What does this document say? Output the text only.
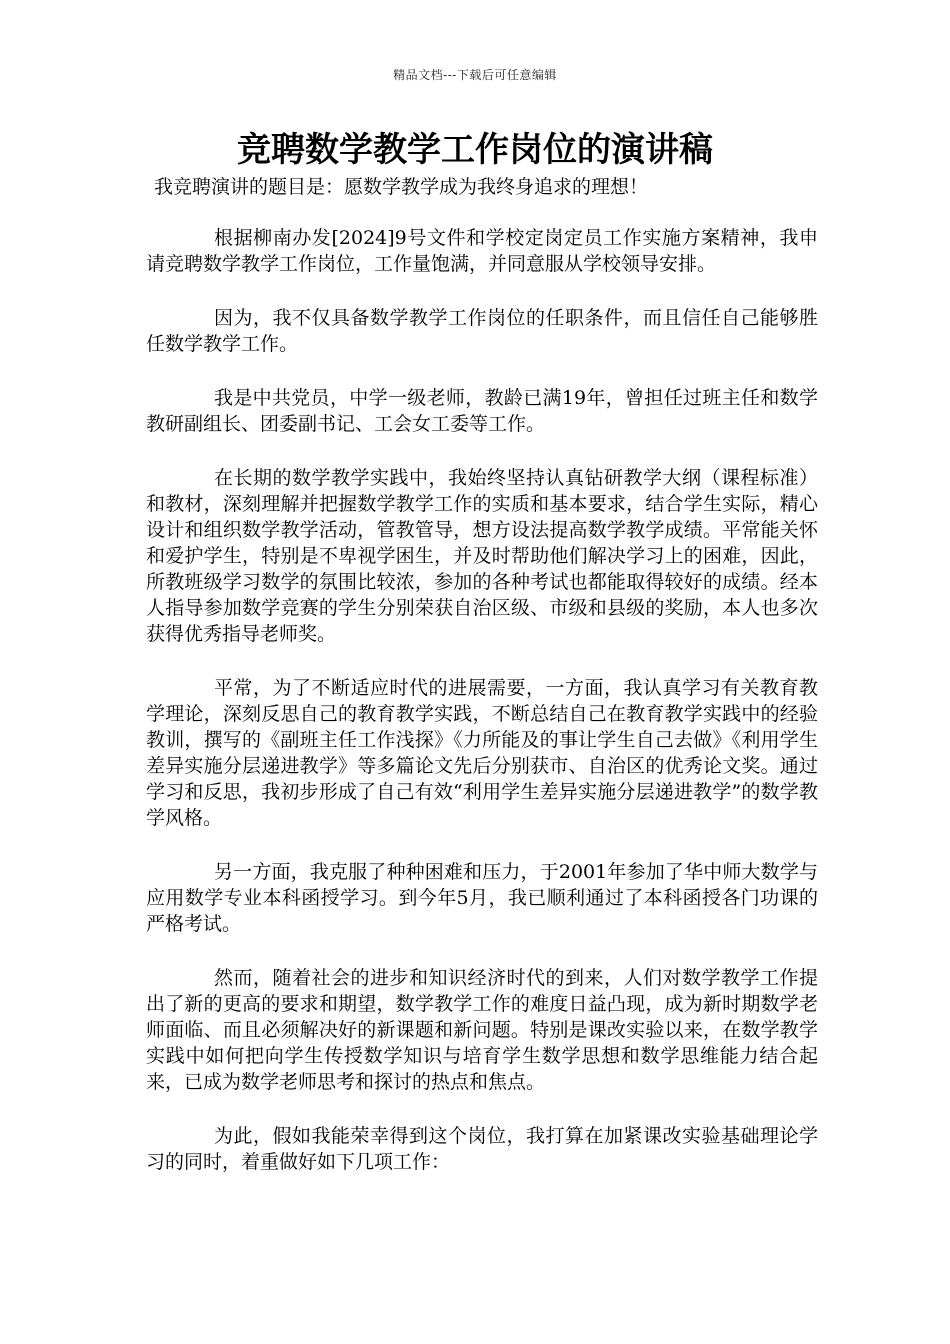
精品文档---下载后可任意编辑
竞聘数学教学工作岗位的演讲稿
我竞聘演讲的题目是：愿数学教学成为我终身追求的理想！

根据柳南办发[2024]9号文件和学校定岗定员工作实施方案精神，我申请竞聘数学教学工作岗位，工作量饱满，并同意服从学校领导安排。

因为，我不仅具备数学教学工作岗位的任职条件，而且信任自己能够胜任数学教学工作。

我是中共党员，中学一级老师，教龄已满19年，曾担任过班主任和数学教研副组长、团委副书记、工会女工委等工作。

在长期的数学教学实践中，我始终坚持认真钻研教学大纲（课程标准）和教材，深刻理解并把握数学教学工作的实质和基本要求，结合学生实际，精心设计和组织数学教学活动，管教管导，想方设法提高数学教学成绩。平常能关怀和爱护学生，特别是不卑视学困生，并及时帮助他们解决学习上的困难，因此，所教班级学习数学的氛围比较浓，参加的各种考试也都能取得较好的成绩。经本人指导参加数学竞赛的学生分别荣获自治区级、市级和县级的奖励，本人也多次获得优秀指导老师奖。

平常，为了不断适应时代的进展需要，一方面，我认真学习有关教育教学理论，深刻反思自己的教育教学实践，不断总结自己在教育教学实践中的经验教训，撰写的《副班主任工作浅探》《力所能及的事让学生自己去做》《利用学生差异实施分层递进教学》等多篇论文先后分别获市、自治区的优秀论文奖。通过学习和反思，我初步形成了自己有效“利用学生差异实施分层递进教学”的数学教学风格。

另一方面，我克服了种种困难和压力，于2001年参加了华中师大数学与应用数学专业本科函授学习。到今年5月，我已顺利通过了本科函授各门功课的严格考试。

然而，随着社会的进步和知识经济时代的到来，人们对数学教学工作提出了新的更高的要求和期望，数学教学工作的难度日益凸现，成为新时期数学老师面临、而且必须解决好的新课题和新问题。特别是课改实验以来，在数学教学实践中如何把向学生传授数学知识与培育学生数学思想和数学思维能力结合起来，已成为数学老师思考和探讨的热点和焦点。

为此，假如我能荣幸得到这个岗位，我打算在加紧课改实验基础理论学习的同时，着重做好如下几项工作：
